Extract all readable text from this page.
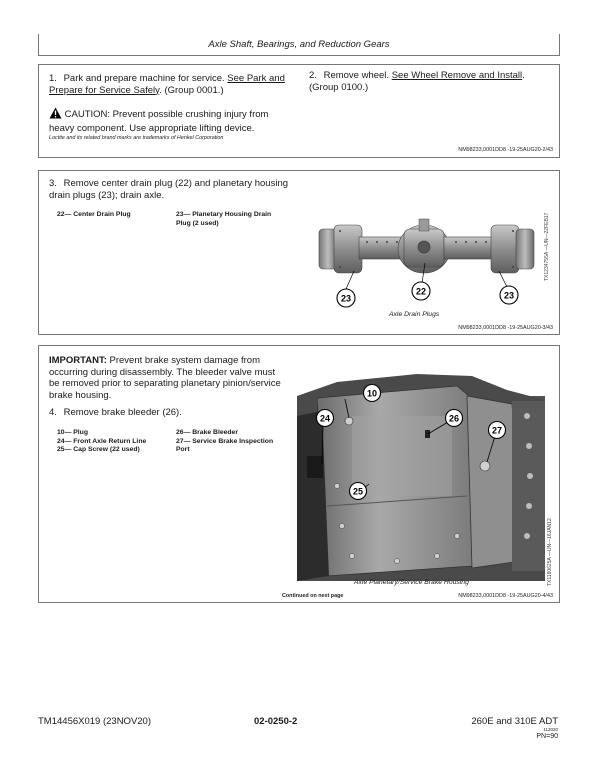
Axle Shaft, Bearings, and Reduction Gears
1. Park and prepare machine for service. See Park and Prepare for Service Safely. (Group 0001.)
CAUTION: Prevent possible crushing injury from heavy component. Use appropriate lifting device.
Loctite and its related brand marks are trademarks of Henkel Corporation
2. Remove wheel. See Wheel Remove and Install. (Group 0100.)
NM98233,0001DD8 -19-25AUG20-2/43
3. Remove center drain plug (22) and planetary housing drain plugs (23); drain axle.
22— Center Drain Plug	23— Planetary Housing Drain Plug (2 used)
23
22	23
Axle Drain Plugs
TX1234755A —UN—22FEB17
NM98233,0001DD8 -19-25AUG20-3/43
IMPORTANT: Prevent brake system damage from occurring during disassembly. The bleeder valve must be removed prior to separating planetary pinion/service brake housing.
4. Remove brake bleeder (26).
10— Plug
24— Front Axle Return Line
25— Cap Screw (22 used)
26— Brake Bleeder
27— Service Brake Inspection Port
10
24	26
27
25
Axle Planetary/Service Brake Housing	TX1180625A —UN—16JAN12
Continued on next page	NM98233,0001DD8 -19-25AUG20-4/43
TM14456X019 (23NOV20)	02-0250-2	260E and 310E ADT
112020
PN=90
